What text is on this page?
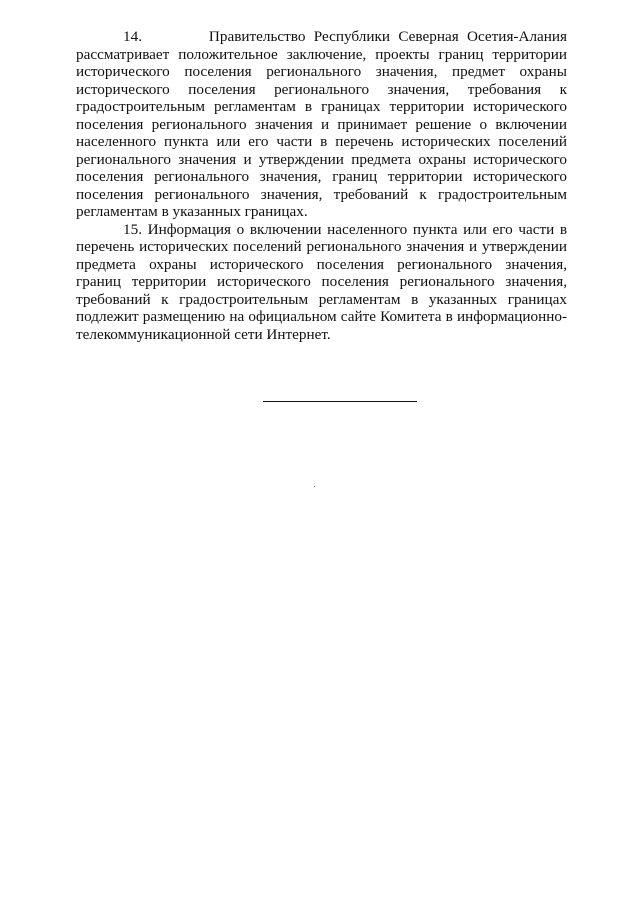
14.	Правительство Республики Северная Осетия-Алания рассматривает положительное заключение, проекты границ территории исторического поселения регионального значения, предмет охраны исторического поселения регионального значения, требования к градостроительным регламентам в границах территории исторического поселения регионального значения и принимает решение о включении населенного пункта или его части в перечень исторических поселений регионального значения и утверждении предмета охраны исторического поселения регионального значения, границ территории исторического поселения регионального значения, требований к градостроительным регламентам в указанных границах.

15. Информация о включении населенного пункта или его части в перечень исторических поселений регионального значения и утверждении предмета охраны исторического поселения регионального значения, границ территории исторического поселения регионального значения, требований к градостроительным регламентам в указанных границах подлежит размещению на официальном сайте Комитета в информационно-телекоммуникационной сети Интернет.
